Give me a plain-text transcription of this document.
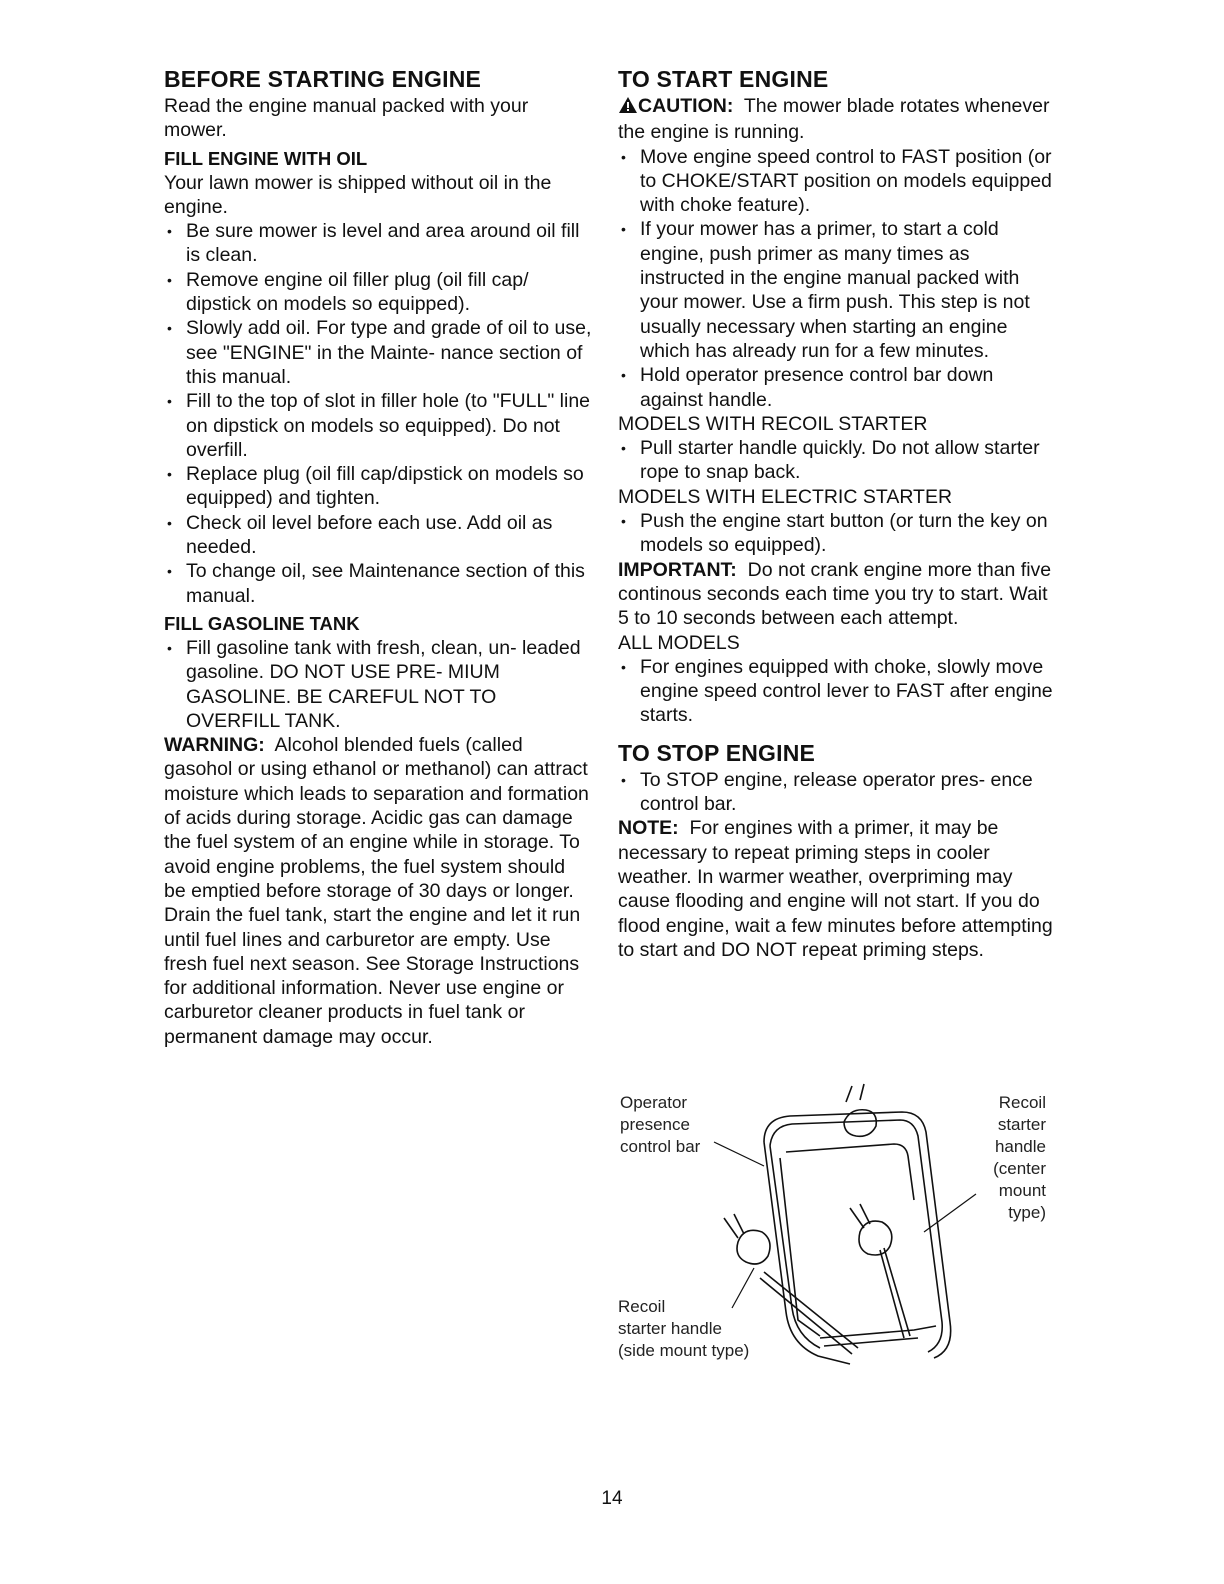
BEFORE STARTING ENGINE

Read the engine manual packed with your mower.

FILL ENGINE WITH OIL

Your lawn mower is shipped without oil in the engine.

• Be sure mower is level and area around oil fill is clean.
• Remove engine oil filler plug (oil fill cap/ dipstick on models so equipped).
• Slowly add oil. For type and grade of oil to use, see "ENGINE" in the Mainte- nance section of this manual.
• Fill to the top of slot in filler hole (to "FULL" line on dipstick on models so equipped). Do not overfill.
• Replace plug (oil fill cap/dipstick on models so equipped) and tighten.
• Check oil level before each use. Add oil as needed.
• To change oil, see Maintenance section of this manual.
FILL GASOLINE TANK
• Fill gasoline tank with fresh, clean, un- leaded gasoline. DO NOT USE PRE- MIUM GASOLINE. BE CAREFUL NOT TO OVERFILL TANK.

WARNING: Alcohol blended fuels (called gasohol or using ethanol or methanol) can attract moisture which leads to separation and formation of acids during storage. Acidic gas can damage the fuel system of an engine while in storage. To avoid engine problems, the fuel system should be emptied before storage of 30 days or longer. Drain the fuel tank, start the engine and let it run until fuel lines and carburetor are empty. Use fresh fuel next season. See Storage Instructions for additional information. Never use engine or carburetor cleaner products in fuel tank or permanent damage may occur.

TO START ENGINE

CAUTION: The mower blade rotates whenever the engine is running.

• Move engine speed control to FAST position (or to CHOKE/START position on models equipped with choke feature).
• If your mower has a primer, to start a cold engine, push primer as many times as instructed in the engine manual packed with your mower. Use a firm push. This step is not usually necessary when starting an engine which has already run for a few minutes.
• Hold operator presence control bar down against handle.
MODELS WITH RECOIL STARTER
• Pull starter handle quickly. Do not allow starter rope to snap back.
MODELS WITH ELECTRIC STARTER
• Push the engine start button (or turn the key on models so equipped).

IMPORTANT: Do not crank engine more than five continous seconds each time you try to start. Wait 5 to 10 seconds between each attempt.

ALL MODELS
• For engines equipped with choke, slowly move engine speed control lever to FAST after engine starts.
TO STOP ENGINE
• To STOP engine, release operator pres- ence control bar.

NOTE: For engines with a primer, it may be necessary to repeat priming steps in cooler weather. In warmer weather, overpriming may cause flooding and engine will not start. If you do flood engine, wait a few minutes before attempting to start and DO NOT repeat priming steps.

Operator
presence
control bar
Recoil
starter
handle
(center
mount
type)
Recoil
starter handle
(side mount type)
14
